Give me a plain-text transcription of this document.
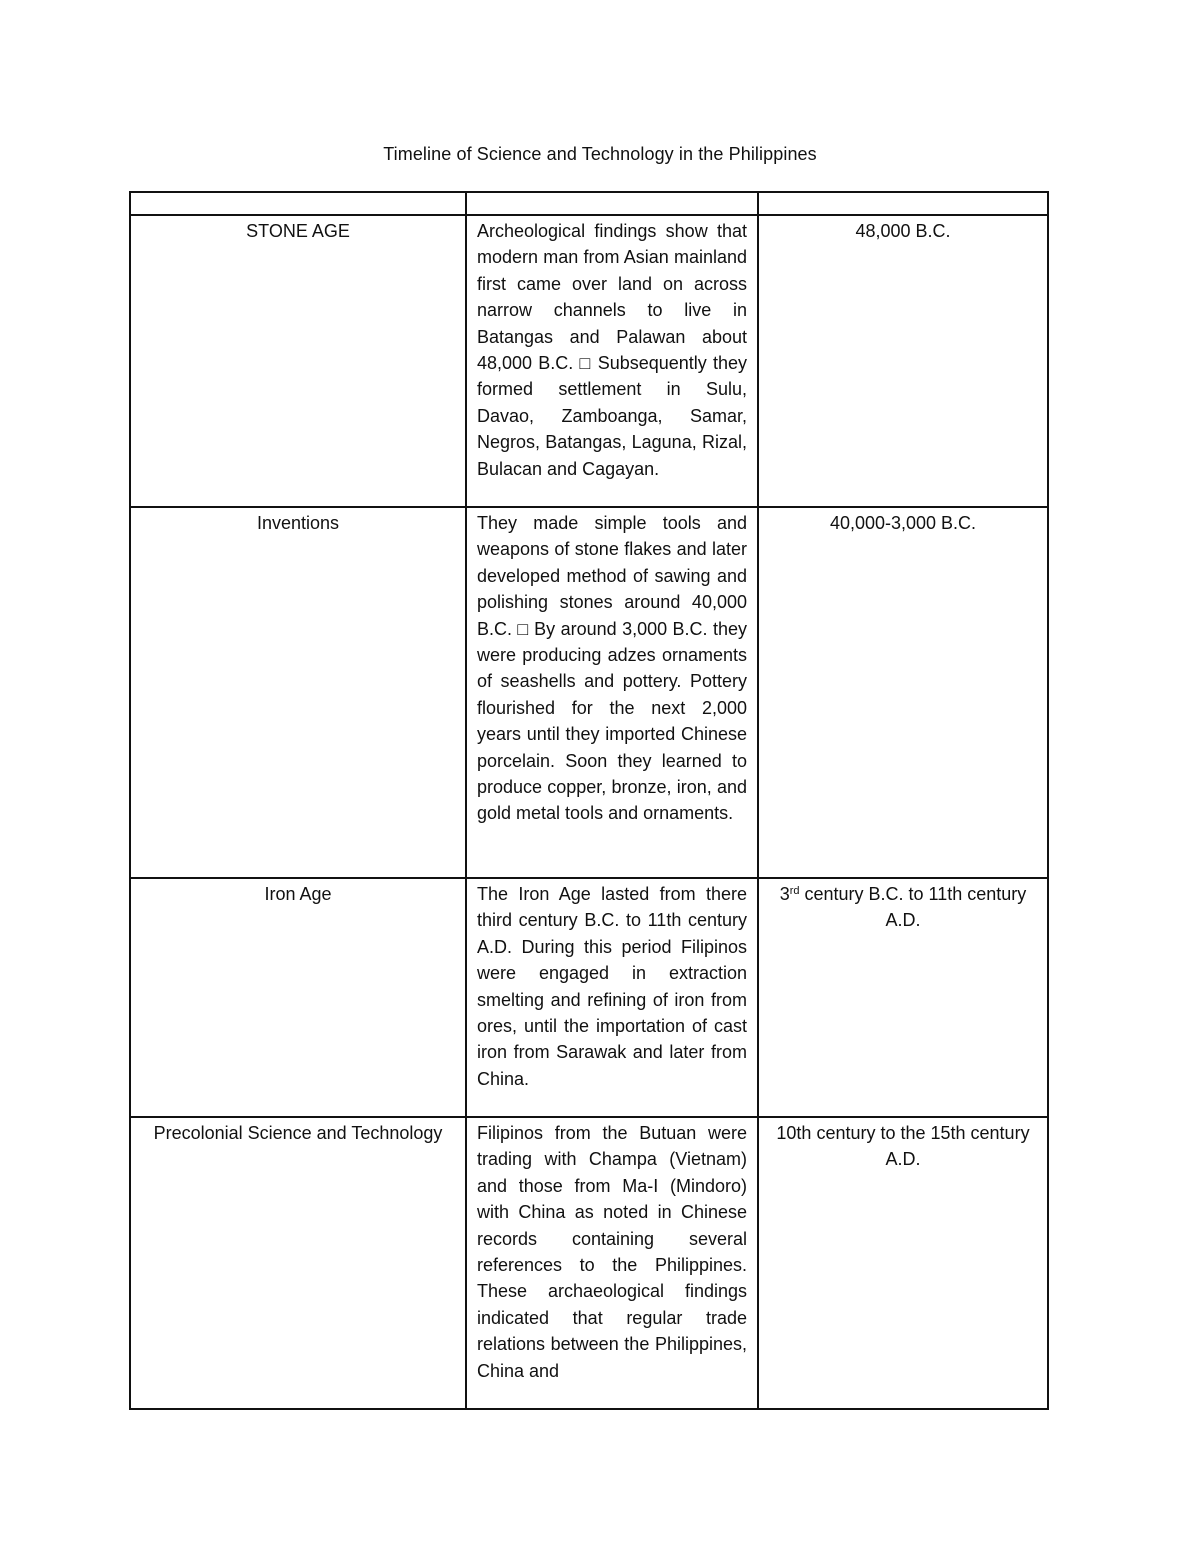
Timeline of Science and Technology in the Philippines

STONE AGE	Archeological findings show that modern man from Asian mainland first came over land on across narrow channels to live in Batangas and Palawan about 48,000 B.C. □ Subsequently they formed settlement in Sulu, Davao, Zamboanga, Samar, Negros, Batangas, Laguna, Rizal, Bulacan and Cagayan.	48,000 B.C.
Inventions	They made simple tools and weapons of stone flakes and later developed method of sawing and polishing stones around 40,000 B.C. □ By around 3,000 B.C. they were producing adzes ornaments of seashells and pottery. Pottery flourished for the next 2,000 years until they imported Chinese porcelain. Soon they learned to produce copper, bronze, iron, and gold metal tools and ornaments.	40,000-3,000 B.C.
Iron Age	The Iron Age lasted from there third century B.C. to 11th century A.D. During this period Filipinos were engaged in extraction smelting and refining of iron from ores, until the importation of cast iron from Sarawak and later from China.	3rd century B.C. to 11th century A.D.
Precolonial Science and Technology	Filipinos from the Butuan were trading with Champa (Vietnam) and those from Ma-I (Mindoro) with China as noted in Chinese records containing several references to the Philippines. These archaeological findings indicated that regular trade relations between the Philippines, China and	10th century to the 15th century A.D.
